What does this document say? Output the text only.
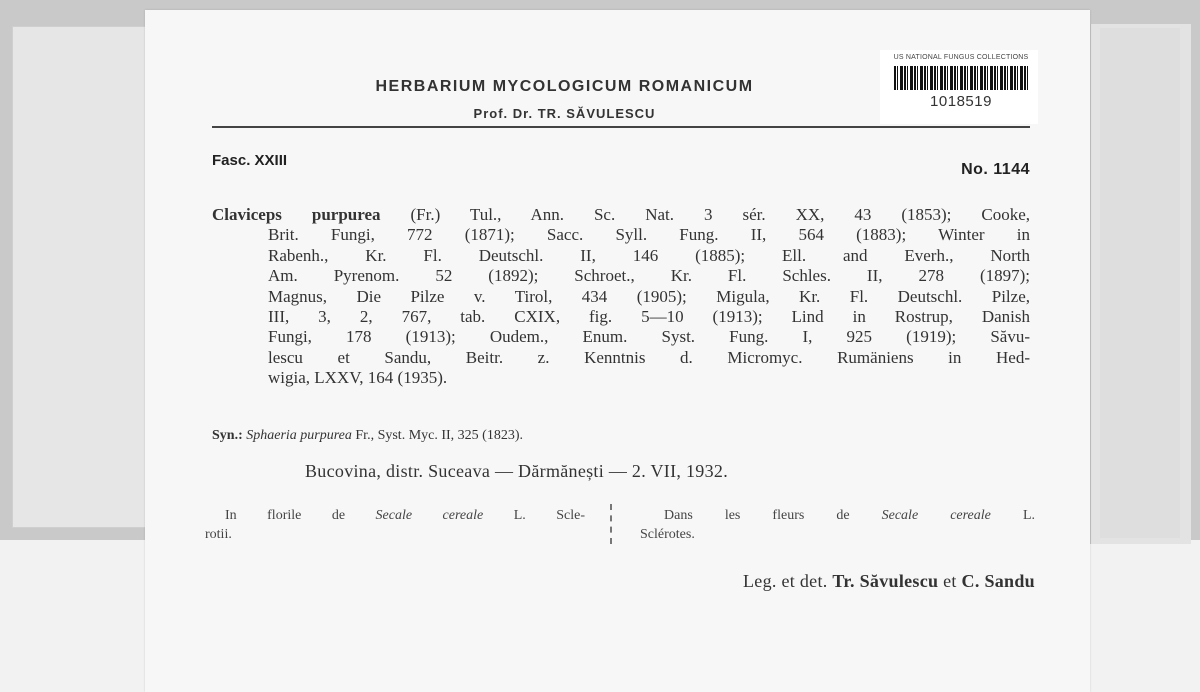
HERBARIUM MYCOLOGICUM ROMANICUM
Prof. Dr. TR. SĂVULESCU
US NATIONAL FUNGUS COLLECTIONS
1018519
Fasc. XXIII
No. 1144
Claviceps purpurea (Fr.) Tul., Ann. Sc. Nat. 3 sér. XX, 43 (1853); Cooke,
Brit. Fungi, 772 (1871); Sacc. Syll. Fung. II, 564 (1883); Winter in
Rabenh., Kr. Fl. Deutschl. II, 146 (1885); Ell. and Everh., North
Am. Pyrenom. 52 (1892); Schroet., Kr. Fl. Schles. II, 278 (1897);
Magnus, Die Pilze v. Tirol, 434 (1905); Migula, Kr. Fl. Deutschl. Pilze,
III, 3, 2, 767, tab. CXIX, fig. 5—10 (1913); Lind in Rostrup, Danish
Fungi, 178 (1913); Oudem., Enum. Syst. Fung. I, 925 (1919); Săvu-
lescu et Sandu, Beitr. z. Kenntnis d. Micromyc. Rumäniens in Hed-
wigia, LXXV, 164 (1935).
Syn.: Sphaeria purpurea Fr., Syst. Myc. II, 325 (1823).
Bucovina, distr. Suceava — Dărmănești — 2. VII, 1932.
In florile de Secale cereale L. Scle-
rotii.
Dans les fleurs de Secale cereale L.
Sclérotes.
Leg. et det. Tr. Săvulescu et C. Sandu
